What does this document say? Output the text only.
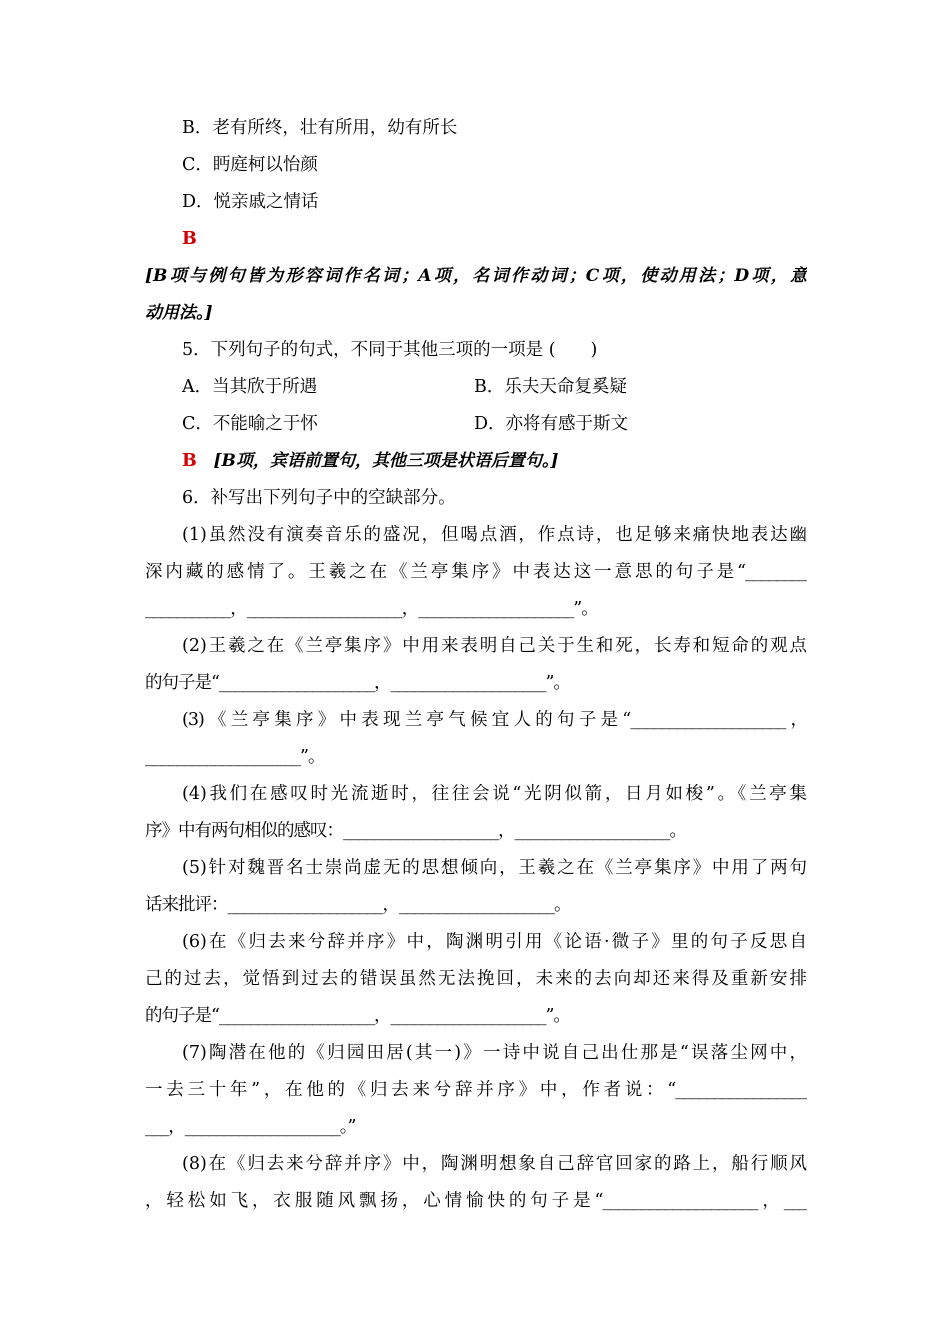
B．老有所终，壮有所用，幼有所长
C．眄庭柯以怡颜
D．悦亲戚之情话
B
[B项与例句皆为形容词作名词；A项，名词作动词；C项，使动用法；D项，意
动用法。]
5．下列句子的句式，不同于其他三项的一项是 (　　)
A．当其欣于所遇	B．乐夫天命复奚疑
C．不能喻之于怀	D．亦将有感于斯文
B [B项，宾语前置句，其他三项是状语后置句。]
6．补写出下列句子中的空缺部分。
(1)虽然没有演奏音乐的盛况，但喝点酒，作点诗，也足够来痛快地表达幽
深内藏的感情了。王羲之在《兰亭集序》中表达这一意思的句子是“________
___________，____________________，____________________”。
(2)王羲之在《兰亭集序》中用来表明自己关于生和死，长寿和短命的观点
的句子是“____________________，____________________”。
(3)《兰亭集序》中表现兰亭气候宜人的句子是“____________________，
____________________”。
(4)我们在感叹时光流逝时，往往会说“光阴似箭，日月如梭”。《兰亭集
序》中有两句相似的感叹：____________________，____________________。
(5)针对魏晋名士崇尚虚无的思想倾向，王羲之在《兰亭集序》中用了两句
话来批评：____________________，____________________。
(6)在《归去来兮辞并序》中，陶渊明引用《论语·微子》里的句子反思自
己的过去，觉悟到过去的错误虽然无法挽回，未来的去向却还来得及重新安排
的句子是“____________________，____________________”。
(7)陶潜在他的《归园田居(其一)》一诗中说自己出仕那是“误落尘网中，
一去三十年”，在他的《归去来兮辞并序》中，作者说：“_________________
___，____________________。”
(8)在《归去来兮辞并序》中，陶渊明想象自己辞官回家的路上，船行顺风
，轻松如飞，衣服随风飘扬，心情愉快的句子是“____________________，___
